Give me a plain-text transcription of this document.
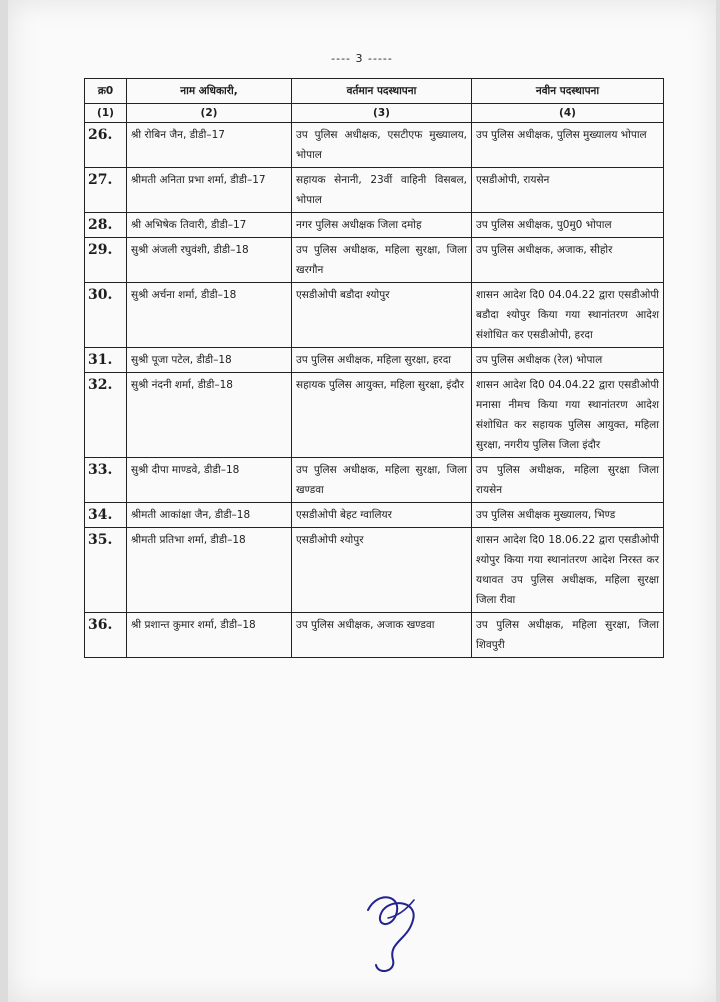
---- 3 -----
क्र0	नाम अधिकारी,	वर्तमान पदस्थापना	नवीन पदस्थापना
(1)	(2)	(3)	(4)
26.	श्री रोबिन जैन, डीडी–17	उप पुलिस अधीक्षक, एसटीएफ मुख्यालय, भोपाल	उप पुलिस अधीक्षक, पुलिस मुख्यालय भोपाल
27.	श्रीमती अनिता प्रभा शर्मा, डीडी–17	सहायक सेनानी, 23वीं वाहिनी विसबल, भोपाल	एसडीओपी, रायसेन
28.	श्री अभिषेक तिवारी, डीडी–17	नगर पुलिस अधीक्षक जिला दमोह	उप पुलिस अधीक्षक, पु0मु0 भोपाल
29.	सुश्री अंजली रघुवंशी, डीडी–18	उप पुलिस अधीक्षक, महिला सुरक्षा, जिला खरगौन	उप पुलिस अधीक्षक, अजाक, सीहोर
30.	सुश्री अर्चना शर्मा, डीडी–18	एसडीओपी बडौदा श्योपुर	शासन आदेश दि0 04.04.22 द्वारा एसडीओपी बडौदा श्योपुर किया गया स्थानांतरण आदेश संशोधित कर एसडीओपी, हरदा
31.	सुश्री पूजा पटेल, डीडी–18	उप पुलिस अधीक्षक, महिला सुरक्षा, हरदा	उप पुलिस अधीक्षक (रेल) भोपाल
32.	सुश्री नंदनी शर्मा, डीडी–18	सहायक पुलिस आयुक्त, महिला सुरक्षा, इंदौर	शासन आदेश दि0 04.04.22 द्वारा एसडीओपी मनासा नीमच किया गया स्थानांतरण आदेश संशोधित कर सहायक पुलिस आयुक्त, महिला सुरक्षा, नगरीय पुलिस जिला इंदौर
33.	सुश्री दीपा माण्डवे, डीडी–18	उप पुलिस अधीक्षक, महिला सुरक्षा, जिला खण्डवा	उप पुलिस अधीक्षक, महिला सुरक्षा जिला रायसेन
34.	श्रीमती आकांक्षा जैन, डीडी–18	एसडीओपी बेहट ग्वालियर	उप पुलिस अधीक्षक मुख्यालय, भिण्ड
35.	श्रीमती प्रतिभा शर्मा, डीडी–18	एसडीओपी श्योपुर	शासन आदेश दि0 18.06.22 द्वारा एसडीओपी श्योपुर किया गया स्थानांतरण आदेश निरस्त कर यथावत उप पुलिस अधीक्षक, महिला सुरक्षा जिला रीवा
36.	श्री प्रशान्त कुमार शर्मा, डीडी–18	उप पुलिस अधीक्षक, अजाक खण्डवा	उप पुलिस अधीक्षक, महिला सुरक्षा, जिला शिवपुरी
